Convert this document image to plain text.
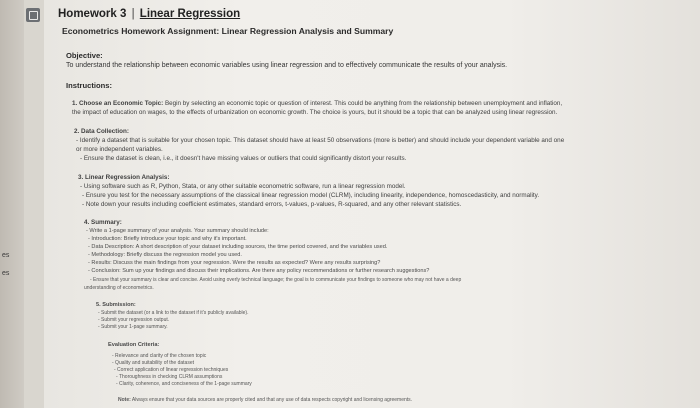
es
es
Homework 3 | Linear Regression
Econometrics Homework Assignment: Linear Regression Analysis and Summary
Objective:
To understand the relationship between economic variables using linear regression and to effectively communicate the results of your analysis.
Instructions:
1. Choose an Economic Topic: Begin by selecting an economic topic or question of interest. This could be anything from the relationship between unemployment and inflation,
the impact of education on wages, to the effects of urbanization on economic growth. The choice is yours, but it should be a topic that can be analyzed using linear regression.
2. Data Collection:
- Identify a dataset that is suitable for your chosen topic. This dataset should have at least 50 observations (more is better) and should include your dependent variable and one
or more independent variables.
- Ensure the dataset is clean, i.e., it doesn't have missing values or outliers that could significantly distort your results.
3. Linear Regression Analysis:
- Using software such as R, Python, Stata, or any other suitable econometric software, run a linear regression model.
- Ensure you test for the necessary assumptions of the classical linear regression model (CLRM), including linearity, independence, homoscedasticity, and normality.
- Note down your results including coefficient estimates, standard errors, t-values, p-values, R-squared, and any other relevant statistics.
4. Summary:
- Write a 1-page summary of your analysis. Your summary should include:
- Introduction: Briefly introduce your topic and why it's important.
- Data Description: A short description of your dataset including sources, the time period covered, and the variables used.
- Methodology: Briefly discuss the regression model you used.
- Results: Discuss the main findings from your regression. Were the results as expected? Were any results surprising?
- Conclusion: Sum up your findings and discuss their implications. Are there any policy recommendations or further research suggestions?
- Ensure that your summary is clear and concise. Avoid using overly technical language; the goal is to communicate your findings to someone who may not have a deep
understanding of econometrics.
5. Submission:
- Submit the dataset (or a link to the dataset if it's publicly available).
- Submit your regression output.
- Submit your 1-page summary.
Evaluation Criteria:
- Relevance and clarity of the chosen topic
- Quality and suitability of the dataset
- Correct application of linear regression techniques
- Thoroughness in checking CLRM assumptions
- Clarity, coherence, and conciseness of the 1-page summary
Note: Always ensure that your data sources are properly cited and that any use of data respects copyright and licensing agreements.
